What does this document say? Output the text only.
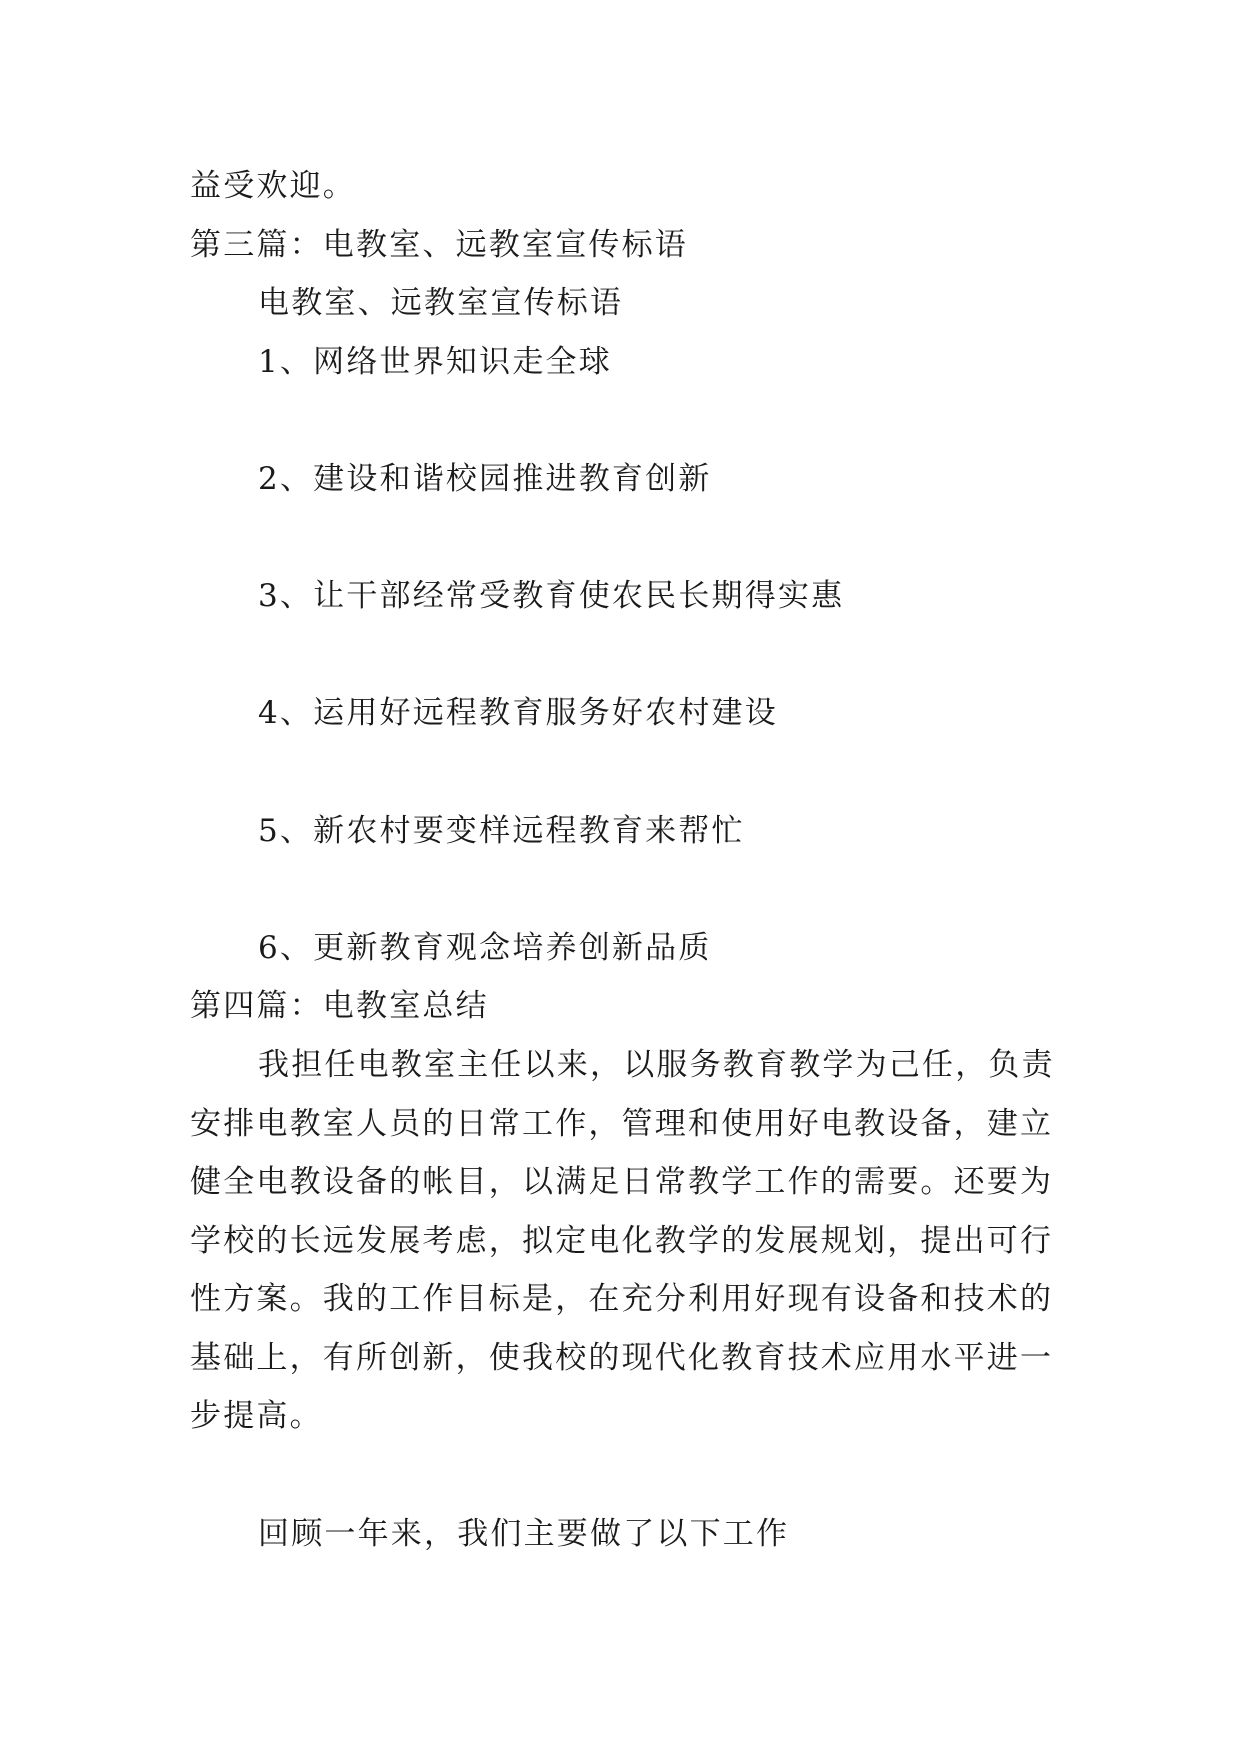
益受欢迎。
第三篇：电教室、远教室宣传标语
电教室、远教室宣传标语
1、网络世界知识走全球
2、建设和谐校园推进教育创新
3、让干部经常受教育使农民长期得实惠
4、运用好远程教育服务好农村建设
5、新农村要变样远程教育来帮忙
6、更新教育观念培养创新品质
第四篇：电教室总结
我担任电教室主任以来，以服务教育教学为己任，负责
安排电教室人员的日常工作，管理和使用好电教设备，建立
健全电教设备的帐目，以满足日常教学工作的需要。还要为
学校的长远发展考虑，拟定电化教学的发展规划，提出可行
性方案。我的工作目标是，在充分利用好现有设备和技术的
基础上，有所创新，使我校的现代化教育技术应用水平进一
步提高。
回顾一年来，我们主要做了以下工作
